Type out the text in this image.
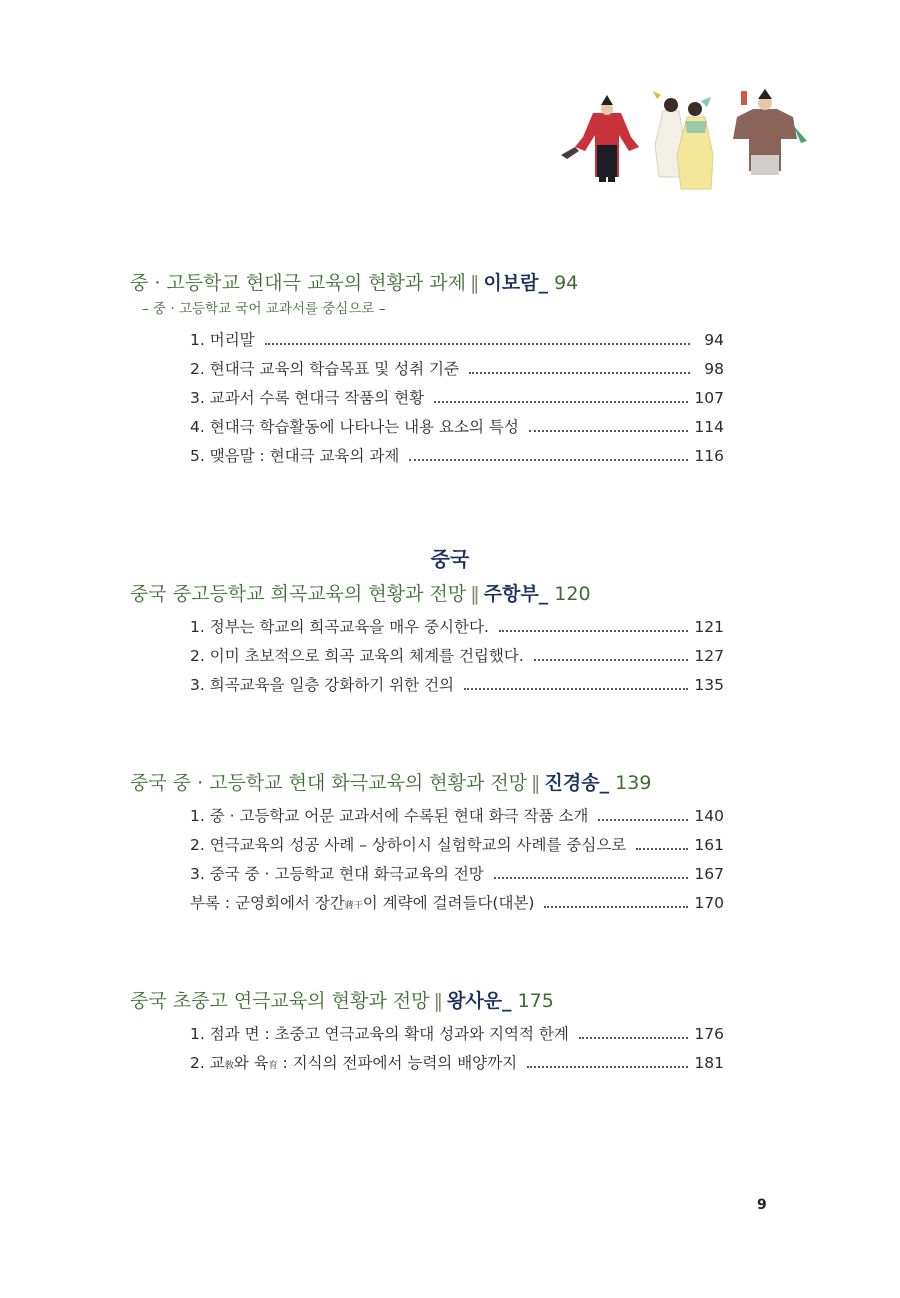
중 · 고등학교 현대극 교육의 현황과 과제 ‖ 이보람_ 94
– 중 · 고등학교 국어 교과서를 중심으로 –
1. 머리말	94
2. 현대극 교육의 학습목표 및 성취 기준	98
3. 교과서 수록 현대극 작품의 현황	107
4. 현대극 학습활동에 나타나는 내용 요소의 특성	114
5. 맺음말 : 현대극 교육의 과제	116
중국
중국 중고등학교 희곡교육의 현황과 전망 ‖ 주항부_ 120
1. 정부는 학교의 희곡교육을 매우 중시한다.	121
2. 이미 초보적으로 희곡 교육의 체계를 건립했다.	127
3. 희곡교육을 일층 강화하기 위한 건의	135
중국 중 · 고등학교 현대 화극교육의 현황과 전망 ‖ 진경송_ 139
1. 중 · 고등학교 어문 교과서에 수록된 현대 화극 작품 소개	140
2. 연극교육의 성공 사례 – 상하이시 실험학교의 사례를 중심으로	161
3. 중국 중 · 고등학교 현대 화극교육의 전망	167
부록 : 군영회에서 장간蔣干이 계략에 걸려들다(대본)	170
중국 초중고 연극교육의 현황과 전망 ‖ 왕사운_ 175
1. 점과 면 : 초중고 연극교육의 확대 성과와 지역적 한계	176
2. 교敎와 육育 : 지식의 전파에서 능력의 배양까지	181
9
